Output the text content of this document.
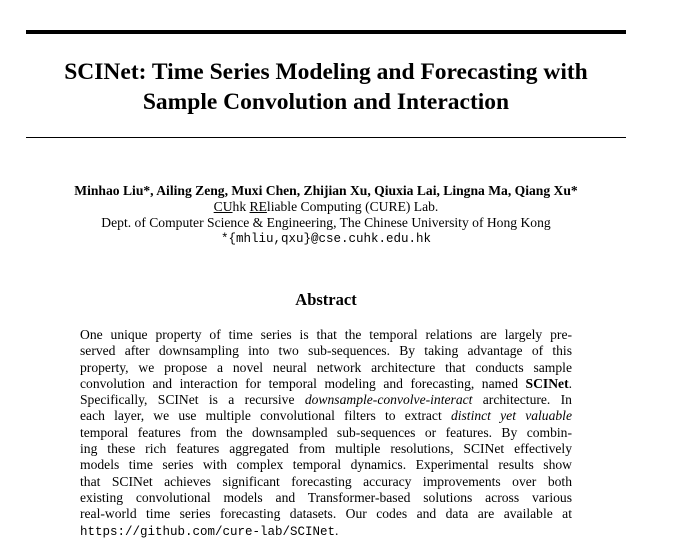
SCINet: Time Series Modeling and Forecasting with
Sample Convolution and Interaction
Minhao Liu*, Ailing Zeng, Muxi Chen, Zhijian Xu, Qiuxia Lai, Lingna Ma, Qiang Xu*
CUhk REliable Computing (CURE) Lab.
Dept. of Computer Science & Engineering, The Chinese University of Hong Kong
*{mhliu,qxu}@cse.cuhk.edu.hk
Abstract
One unique property of time series is that the temporal relations are largely pre-
served after downsampling into two sub-sequences. By taking advantage of this
property, we propose a novel neural network architecture that conducts sample
convolution and interaction for temporal modeling and forecasting, named SCINet.
Specifically, SCINet is a recursive downsample-convolve-interact architecture. In
each layer, we use multiple convolutional filters to extract distinct yet valuable
temporal features from the downsampled sub-sequences or features. By combin-
ing these rich features aggregated from multiple resolutions, SCINet effectively
models time series with complex temporal dynamics. Experimental results show
that SCINet achieves significant forecasting accuracy improvements over both
existing convolutional models and Transformer-based solutions across various
real-world time series forecasting datasets. Our codes and data are available at
https://github.com/cure-lab/SCINet.
